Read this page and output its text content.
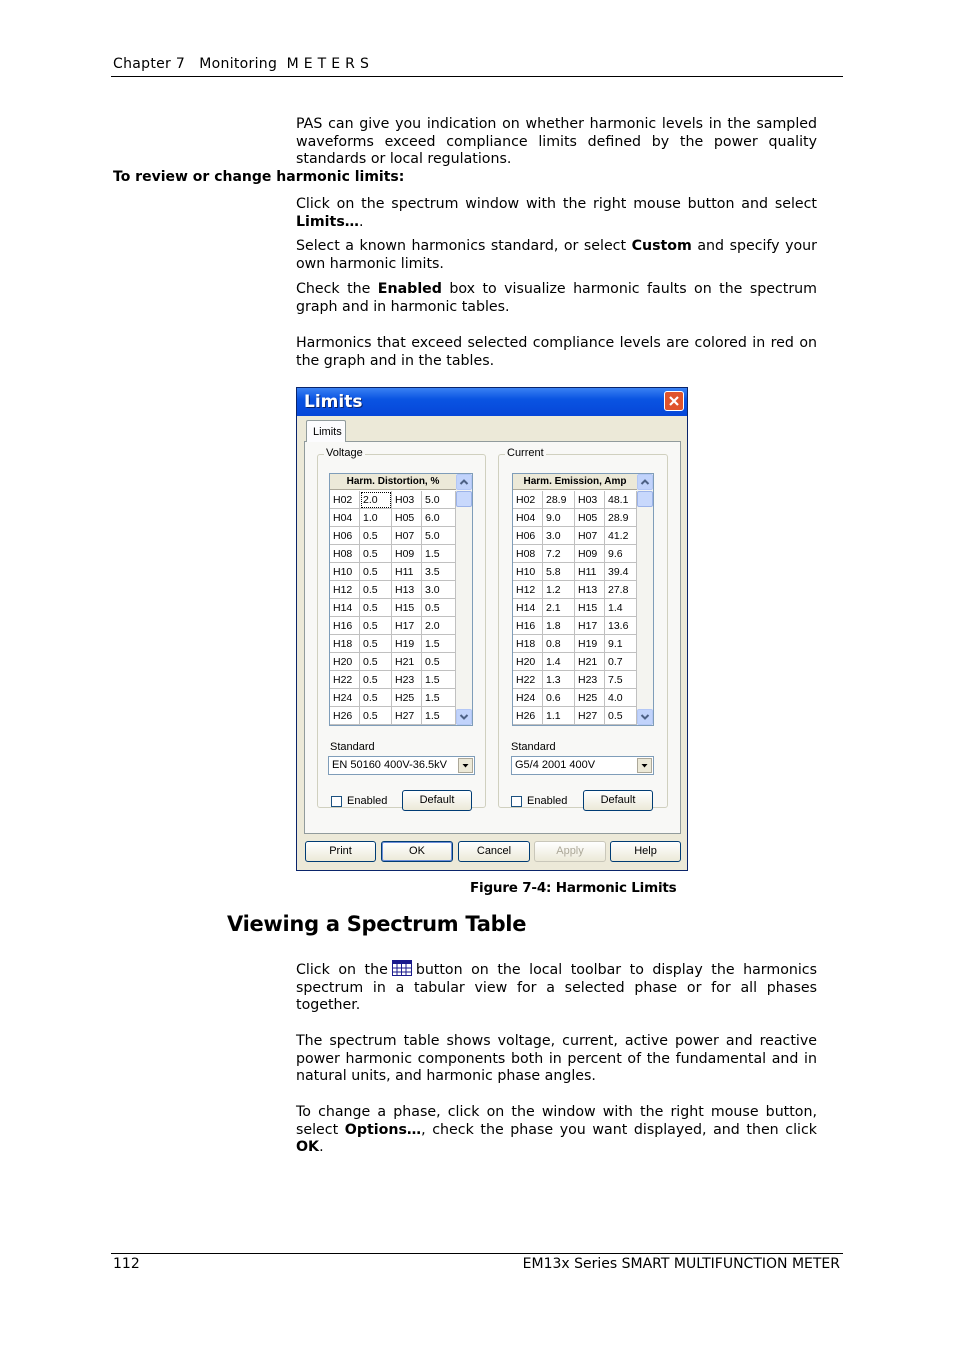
Chapter 7   Monitoring  M E T E R S
PAS can give you indication on whether harmonic levels in the sampled waveforms exceed compliance limits defined by the power quality standards or local regulations.
To review or change harmonic limits:
Click on the spectrum window with the right mouse button and select Limits….
Select a known harmonics standard, or select Custom and specify your own harmonic limits.
Check the Enabled box to visualize harmonic faults on the spectrum graph and in harmonic tables.
Harmonics that exceed selected compliance levels are colored in red on the graph and in the tables.
Limits
Limits
Voltage
Harm. Distortion, %
H02	2.0	H03	5.0
H04	1.0	H05	6.0
H06	0.5	H07	5.0
H08	0.5	H09	1.5
H10	0.5	H11	3.5
H12	0.5	H13	3.0
H14	0.5	H15	0.5
H16	0.5	H17	2.0
H18	0.5	H19	1.5
H20	0.5	H21	0.5
H22	0.5	H23	1.5
H24	0.5	H25	1.5
H26	0.5	H27	1.5
Standard
EN 50160 400V-36.5kV
Enabled	Default
Current
Harm. Emission, Amp
H02	28.9	H03	48.1
H04	9.0	H05	28.9
H06	3.0	H07	41.2
H08	7.2	H09	9.6
H10	5.8	H11	39.4
H12	1.2	H13	27.8
H14	2.1	H15	1.4
H16	1.8	H17	13.6
H18	0.8	H19	9.1
H20	1.4	H21	0.7
H22	1.3	H23	7.5
H24	0.6	H25	4.0
H26	1.1	H27	0.5
Standard
G5/4 2001 400V
Enabled	Default
Print	OK	Cancel	Apply	Help
Figure 7-4: Harmonic Limits
Viewing a Spectrum Table
Click on the button on the local toolbar to display the harmonics spectrum in a tabular view for a selected phase or for all phases together.
The spectrum table shows voltage, current, active power and reactive power harmonic components both in percent of the fundamental and in natural units, and harmonic phase angles.
To change a phase, click on the window with the right mouse button, select Options…, check the phase you want displayed, and then click OK.
112	EM13x Series SMART MULTIFUNCTION METER
